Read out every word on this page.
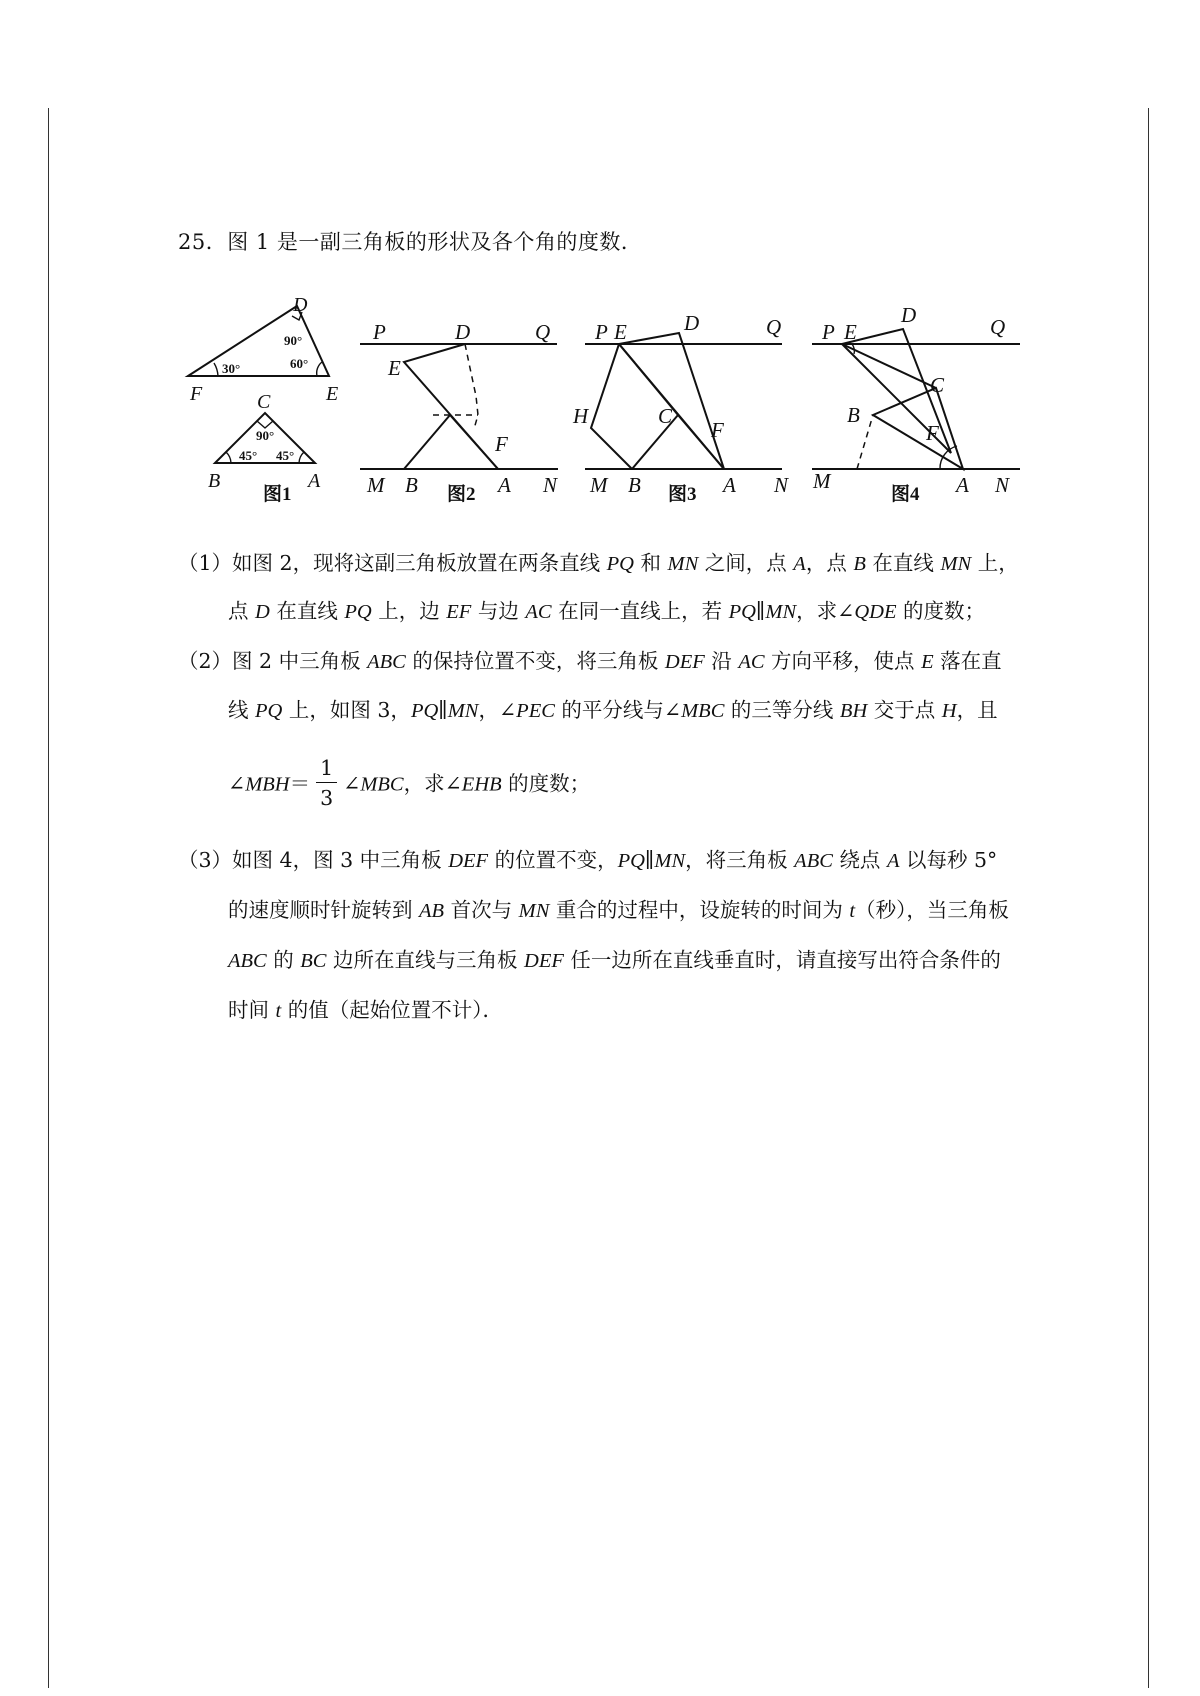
25．图 1 是一副三角板的形状及各个角的度数．
D
F	E
C
B	A
90°
30°	60°
90°
45° 45°
图1
P	D	Q
E
F
M B	A N
图2
P E	D	Q
H	C
F
M B	A N
图3
P E
D	Q
C
B
F
M	A N
图4
（1）如图 2，现将这副三角板放置在两条直线 PQ 和 MN 之间，点 A，点 B 在直线 MN 上，
点 D 在直线 PQ 上，边 EF 与边 AC 在同一直线上，若 PQ∥MN，求∠QDE 的度数；
（2）图 2 中三角板 ABC 的保持位置不变，将三角板 DEF 沿 AC 方向平移，使点 E 落在直
线 PQ 上，如图 3，PQ∥MN，∠PEC 的平分线与∠MBC 的三等分线 BH 交于点 H，且
∠MBH＝ $\frac{1}{3}$ ∠MBC，求∠EHB 的度数；
（3）如图 4，图 3 中三角板 DEF 的位置不变，PQ∥MN，将三角板 ABC 绕点 A 以每秒 5°
的速度顺时针旋转到 AB 首次与 MN 重合的过程中，设旋转的时间为 t（秒），当三角板
ABC 的 BC 边所在直线与三角板 DEF 任一边所在直线垂直时，请直接写出符合条件的
时间 t 的值（起始位置不计）．
